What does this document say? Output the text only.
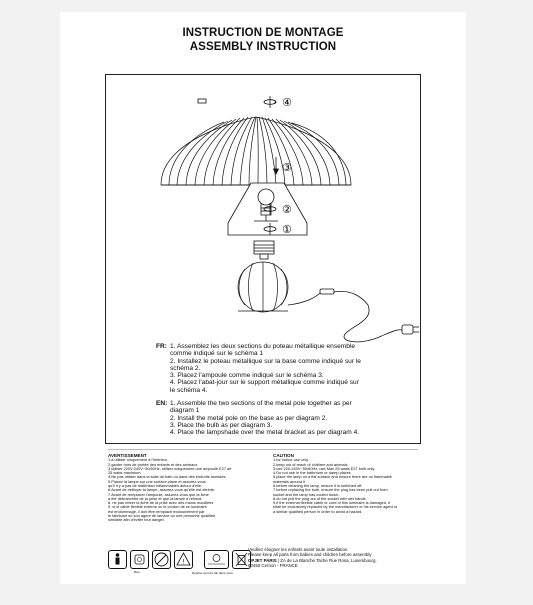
INSTRUCTION DE MONTAGE
ASSEMBLY INSTRUCTION
④
③
②
①
FR: 1. Assemblez les deux sections du poteau métallique ensemble
comme indiqué sur le schéma 1
2. Installez le poteau métallique sur la base comme indiqué sur le
schéma 2.
3. Placez l'ampoule comme indiqué sur le schéma 3.
4. Placez l'abat-jour sur le support métallique comme indiqué sur
le schéma 4.
EN: 1. Assemble the two sections of the metal pole together as per
diagram 1
2. Install the metal pole on the base as per diagram 2.
3. Place the bulb as per diagram 3.
4. Place the lampshade over the metal bracket as per diagram 4.
AVERTISSEMENT
1.à utiliser uniquement à l'intérieur .
2.garder hors de portée des enfants et des animaux
3.utiliser 220V-240V~50/60Hz, utiliser uniquement une ampoule E27 de
25 watts maximum.
4.Ne pas utiliser dans la salle de bain ou dans des endroits humides.
5.Placez la lampe sur une surface plane et assurez-vous
qu'il n'y a pas de matériaux inflammables autour d'elle.
6.Avant de nettoyer la lampe, assurez-vous qu'elle est éteinte.
7.Avant de remplacer l'ampoule, assurez-vous que la fiche
a été débranchée de la prise et que la lampe a refroidi.
8. ne pas retirer la fiche de la prise avec des mains mouillées
9. si le câble flexible externe ou le cordon de ce luminaire
est endommagé, il doit être remplacé exclusivement par
le fabricant ou son agent de service ou une personne qualifiée
similaire afin d'éviter tout danger.
CAUTION
1.for indoor use only
2.keep out of reach of children and animals
3.use 220-240V~50/60Hz, use Max 25 watts E27 bulb only.
4.Do not use in the bathroom or damp places
5.place the lamp on a flat surface and ensure there are no flammable
materials around it
6.before cleaning the lamp, ensure it is switched off.
7.before replacing the bulb, ensure the plug has been pull out from
socket and the lamp has cooled down.
8.do not pull the plug out of the socket with wet hands
9.if the external flexible cable or cord of this luminaire is damaged, it
shall be exclusively replaced by the manufacturer or his service agent or
a similar qualified person in order to avoid a hazard.
Bois
!
Reprise du hors fait dans votre
Veuillez éloigner les enfants avant toute installation.
Please keep all parts from babies and children before assembly
OPJET PARIS | ZA de La Blanche Tache Rue Rosa, Luxembourg,
60450 Cernon - FRANCE
